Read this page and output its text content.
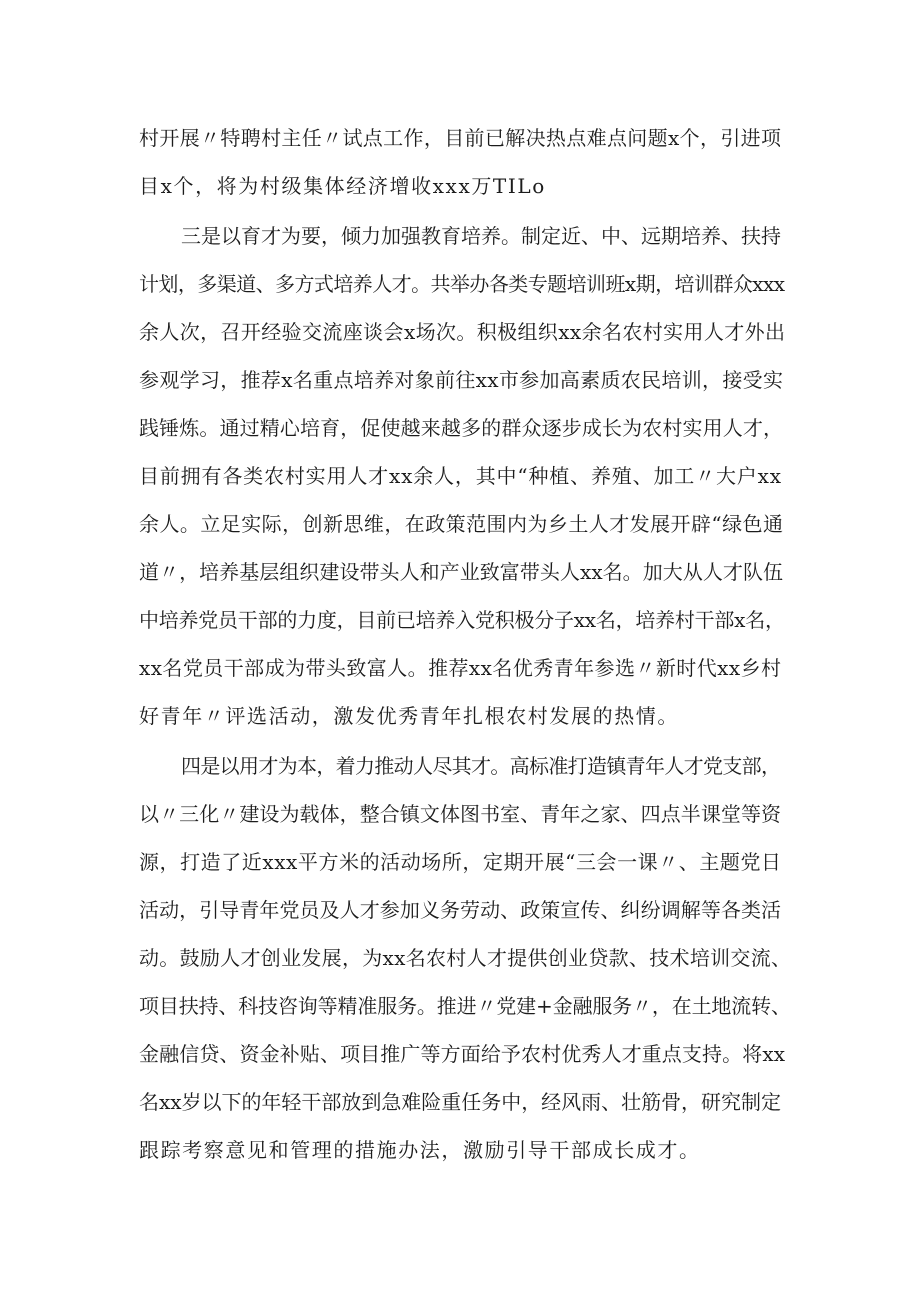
村开展〃特聘村主任〃试点工作，目前已解决热点难点问题x个，引进项
目x个，将为村级集体经济增收xxx万TILo
三是以育才为要，倾力加强教育培养。制定近、中、远期培养、扶持
计划，多渠道、多方式培养人才。共举办各类专题培训班x期，培训群众xxx
余人次，召开经验交流座谈会x场次。积极组织xx余名农村实用人才外出
参观学习，推荐x名重点培养对象前往xx市参加高素质农民培训，接受实
践锤炼。通过精心培育，促使越来越多的群众逐步成长为农村实用人才，
目前拥有各类农村实用人才xx余人，其中“种植、养殖、加工〃大户xx
余人。立足实际，创新思维，在政策范围内为乡土人才发展开辟“绿色通
道〃，培养基层组织建设带头人和产业致富带头人xx名。加大从人才队伍
中培养党员干部的力度，目前已培养入党积极分子xx名，培养村干部x名，
xx名党员干部成为带头致富人。推荐xx名优秀青年参选〃新时代xx乡村
好青年〃评选活动，激发优秀青年扎根农村发展的热情。
四是以用才为本，着力推动人尽其才。高标准打造镇青年人才党支部，
以〃三化〃建设为载体，整合镇文体图书室、青年之家、四点半课堂等资
源，打造了近xxx平方米的活动场所，定期开展“三会一课〃、主题党日
活动，引导青年党员及人才参加义务劳动、政策宣传、纠纷调解等各类活
动。鼓励人才创业发展，为xx名农村人才提供创业贷款、技术培训交流、
项目扶持、科技咨询等精准服务。推进〃党建+金融服务〃，在土地流转、
金融信贷、资金补贴、项目推广等方面给予农村优秀人才重点支持。将xx
名xx岁以下的年轻干部放到急难险重任务中，经风雨、壮筋骨，研究制定
跟踪考察意见和管理的措施办法，激励引导干部成长成才。
